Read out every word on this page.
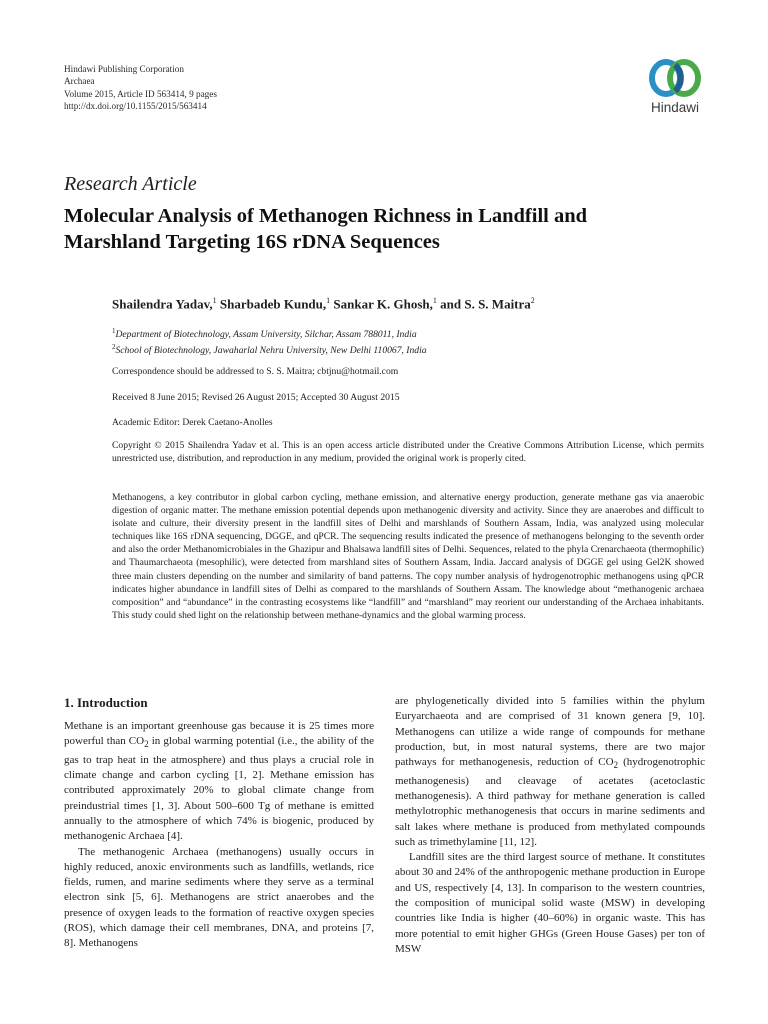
Hindawi Publishing Corporation
Archaea
Volume 2015, Article ID 563414, 9 pages
http://dx.doi.org/10.1155/2015/563414	Hindawi
Research Article
Molecular Analysis of Methanogen Richness in Landfill and
Marshland Targeting 16S rDNA Sequences
Shailendra Yadav,$^1$ Sharbadeb Kundu,$^1$ Sankar K. Ghosh,$^1$ and S. S. Maitra$^2$
$^1$Department of Biotechnology, Assam University, Silchar, Assam 788011, India
$^2$School of Biotechnology, Jawaharlal Nehru University, New Delhi 110067, India
Correspondence should be addressed to S. S. Maitra; cbtjnu@hotmail.com
Received 8 June 2015; Revised 26 August 2015; Accepted 30 August 2015
Academic Editor: Derek Caetano-Anolles
Copyright © 2015 Shailendra Yadav et al. This is an open access article distributed under the Creative Commons Attribution License, which permits unrestricted use, distribution, and reproduction in any medium, provided the original work is properly cited.
Methanogens, a key contributor in global carbon cycling, methane emission, and alternative energy production, generate methane gas via anaerobic digestion of organic matter. The methane emission potential depends upon methanogenic diversity and activity. Since they are anaerobes and difficult to isolate and culture, their diversity present in the landfill sites of Delhi and marshlands of Southern Assam, India, was analyzed using molecular techniques like 16S rDNA sequencing, DGGE, and qPCR. The sequencing results indicated the presence of methanogens belonging to the seventh order and also the order Methanomicrobiales in the Ghazipur and Bhalsawa landfill sites of Delhi. Sequences, related to the phyla Crenarchaeota (thermophilic) and Thaumarchaeota (mesophilic), were detected from marshland sites of Southern Assam, India. Jaccard analysis of DGGE gel using Gel2K showed three main clusters depending on the number and similarity of band patterns. The copy number analysis of hydrogenotrophic methanogens using qPCR indicates higher abundance in landfill sites of Delhi as compared to the marshlands of Southern Assam. The knowledge about “methanogenic archaea composition” and “abundance” in the contrasting ecosystems like “landfill” and “marshland” may reorient our understanding of the Archaea inhabitants. This study could shed light on the relationship between methane-dynamics and the global warming process.
1. Introduction

Methane is an important greenhouse gas because it is 25 times more powerful than $CO_2$ in global warming potential (i.e., the ability of the gas to trap heat in the atmosphere) and thus plays a crucial role in climate change and carbon cycling [1, 2]. Methane emission has contributed approximately 20% to global climate change from preindustrial times [1, 3]. About 500–600 Tg of methane is emitted annually to the atmosphere of which 74% is biogenic, produced by methanogenic Archaea [4].

The methanogenic Archaea (methanogens) usually occurs in highly reduced, anoxic environments such as landfills, wetlands, rice fields, rumen, and marine sediments where they serve as a terminal electron sink [5, 6]. Methanogens are strict anaerobes and the presence of oxygen leads to the formation of reactive oxygen species (ROS), which damage their cell membranes, DNA, and proteins [7, 8]. Methanogens

are phylogenetically divided into 5 families within the phylum Euryarchaeota and are comprised of 31 known genera [9, 10]. Methanogens can utilize a wide range of compounds for methane production, but, in most natural systems, there are two major pathways for methanogenesis, reduction of $CO_2$ (hydrogenotrophic methanogenesis) and cleavage of acetates (acetoclastic methanogenesis). A third pathway for methane generation is called methylotrophic methanogenesis that occurs in marine sediments and salt lakes where methane is produced from methylated compounds such as trimethylamine [11, 12].

Landfill sites are the third largest source of methane. It constitutes about 30 and 24% of the anthropogenic methane production in Europe and US, respectively [4, 13]. In comparison to the western countries, the composition of municipal solid waste (MSW) in developing countries like India is higher (40–60%) in organic waste. This has more potential to emit higher GHGs (Green House Gases) per ton of MSW
